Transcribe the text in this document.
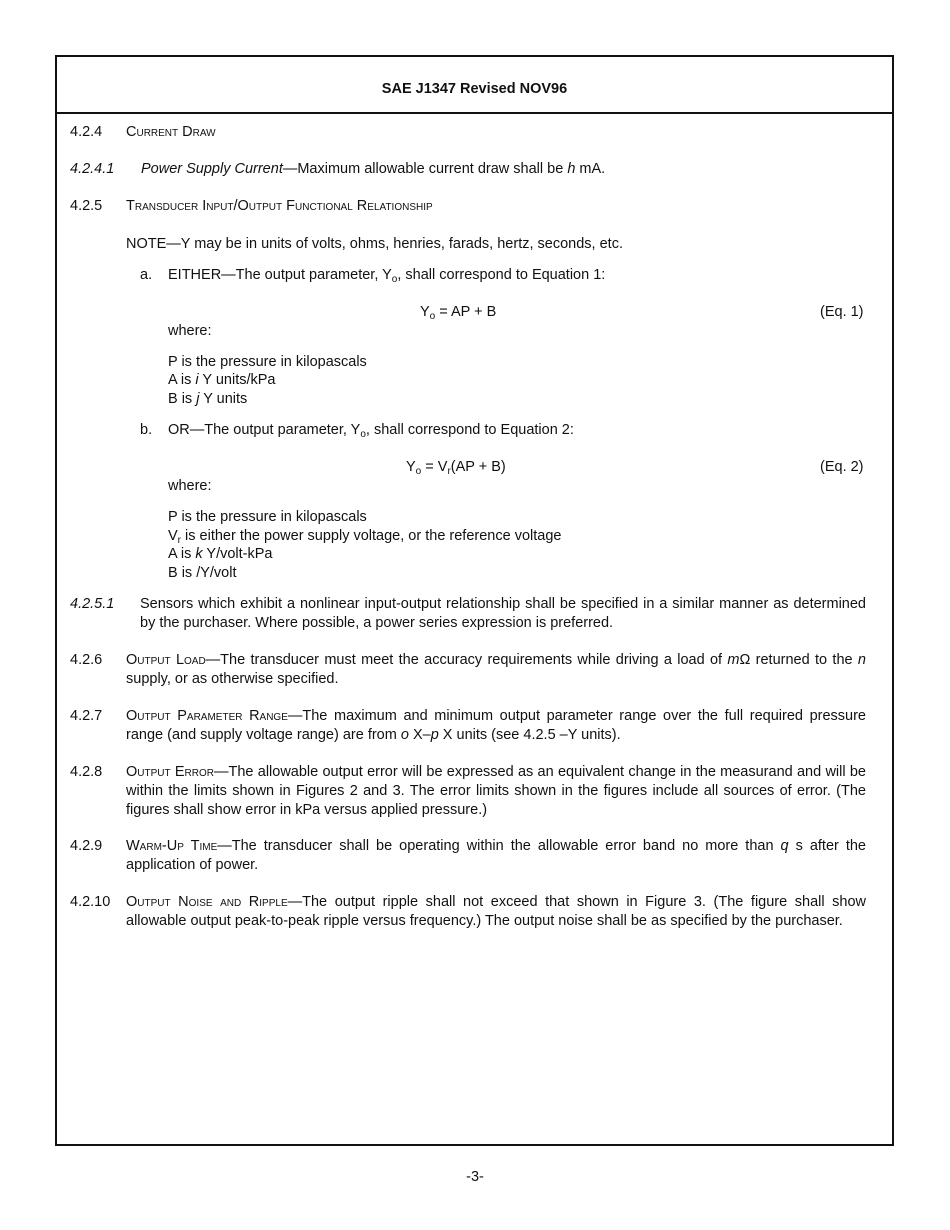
SAE J1347 Revised NOV96
4.2.4 Current Draw
4.2.4.1 Power Supply Current—Maximum allowable current draw shall be h mA.
4.2.5 Transducer Input/Output Functional Relationship
NOTE—Y may be in units of volts, ohms, henries, farads, hertz, seconds, etc.
a. EITHER—The output parameter, $Y_o$, shall correspond to Equation 1:
$Y_o$ = AP + B	(Eq. 1)
where:
P is the pressure in kilopascals
A is i Y units/kPa
B is j Y units
b. OR—The output parameter, $Y_o$, shall correspond to Equation 2:
$Y_o = V_r(AP + B)$	(Eq. 2)
where:
P is the pressure in kilopascals
$V_r$ is either the power supply voltage, or the reference voltage
A is k Y/volt-kPa
B is /Y/volt
4.2.5.1 Sensors which exhibit a nonlinear input-output relationship shall be specified in a similar manner as determined by the purchaser. Where possible, a power series expression is preferred.
4.2.6 Output Load—The transducer must meet the accuracy requirements while driving a load of mΩ returned to the n supply, or as otherwise specified.
4.2.7 Output Parameter Range—The maximum and minimum output parameter range over the full required pressure range (and supply voltage range) are from o X–p X units (see 4.2.5 –Y units).
4.2.8 Output Error—The allowable output error will be expressed as an equivalent change in the measurand and will be within the limits shown in Figures 2 and 3. The error limits shown in the figures include all sources of error. (The figures shall show error in kPa versus applied pressure.)
4.2.9 Warm-Up Time—The transducer shall be operating within the allowable error band no more than q s after the application of power.
4.2.10 Output Noise and Ripple—The output ripple shall not exceed that shown in Figure 3. (The figure shall show allowable output peak-to-peak ripple versus frequency.) The output noise shall be as specified by the purchaser.
-3-
